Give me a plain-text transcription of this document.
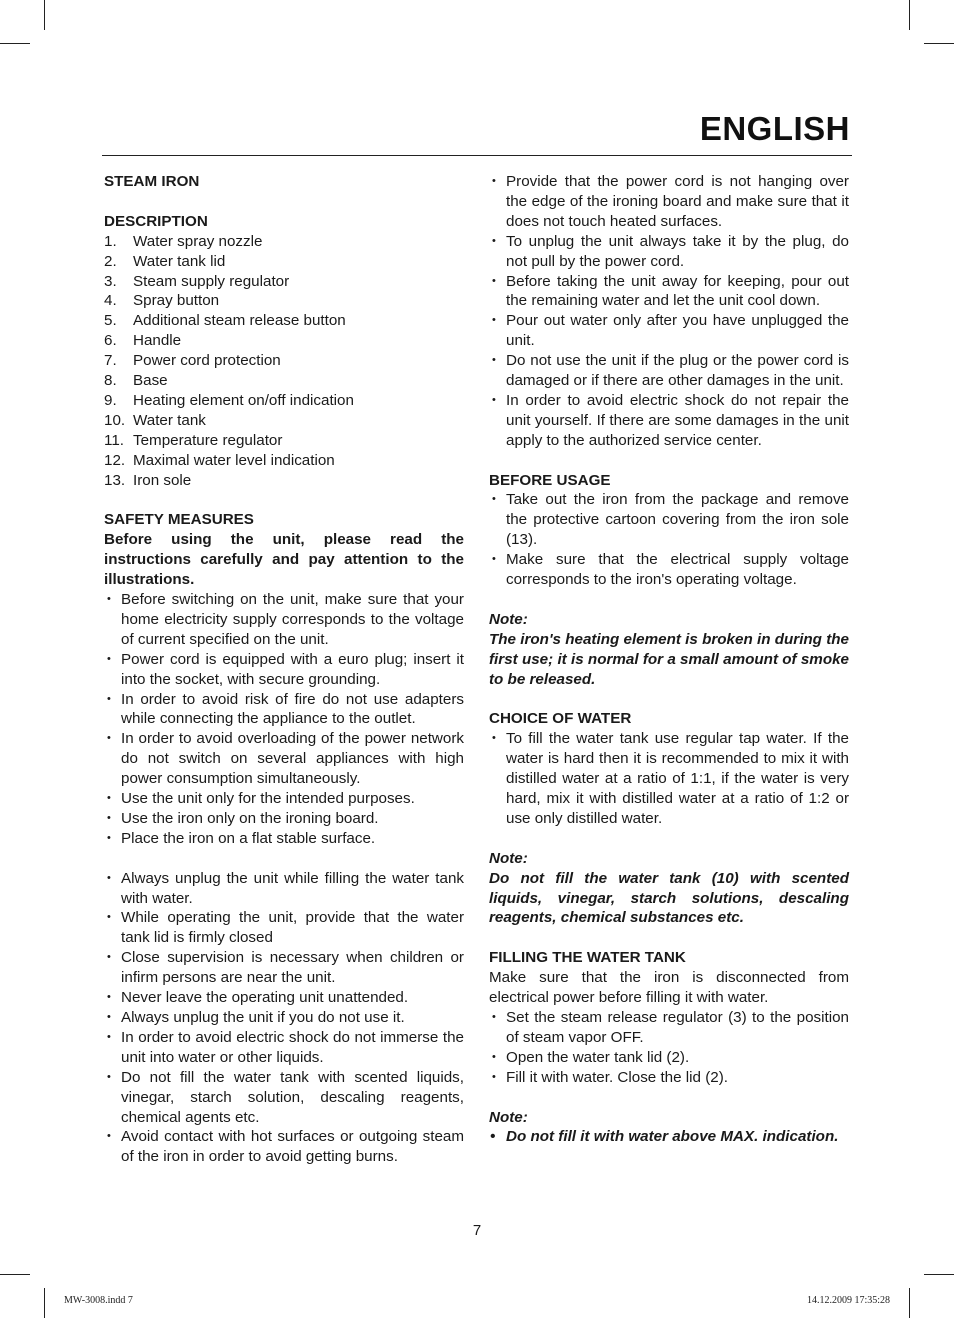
ENGLISH

STEAM IRON

DESCRIPTION

1.	Water spray nozzle
2.	Water tank lid
3.	Steam supply regulator
4.	Spray button
5.	Additional steam release button
6.	Handle
7.	Power cord protection
8.	Base
9.	Heating element on/off indication
10. Water tank
11. Temperature regulator
12. Maximal water level indication
13. Iron sole

SAFETY MEASURES

Before using the unit, please read the instructions carefully and pay attention to the illustrations.
• Before switching on the unit, make sure that your home electricity supply corresponds to the voltage of current specified on the unit.
• Power cord is equipped with a euro plug; insert it into the socket, with secure grounding.
• In order to avoid risk of fire do not use adapters while connecting the appliance to the outlet.
• In order to avoid overloading of the power network do not switch on several appliances with high power consumption simultaneously.
• Use the unit only for the intended purposes.
• Use the iron only on the ironing board.
• Place the iron on a flat stable surface.
• Always unplug the unit while filling the water tank with water.
• While operating the unit, provide that the water tank lid is firmly closed
• Close supervision is necessary when children or infirm persons are near the unit.
• Never leave the operating unit unattended.
• Always unplug the unit if you do not use it.
• In order to avoid electric shock do not immerse the unit into water or other liquids.
• Do not fill the water tank with scented liquids, vinegar, starch solution, descaling reagents, chemical agents etc.
• Avoid contact with hot surfaces or outgoing steam of the iron in order to avoid getting burns.
• Provide that the power cord is not hanging over the edge of the ironing board and make sure that it does not touch heated surfaces.
• To unplug the unit always take it by the plug, do not pull by the power cord.
• Before taking the unit away for keeping, pour out the remaining water and let the unit cool down.
• Pour out water only after you have unplugged the unit.
• Do not use the unit if the plug or the power cord is damaged or if there are other damages in the unit.
• In order to avoid electric shock do not repair the unit yourself. If there are some damages in the unit apply to the authorized service center.

BEFORE USAGE

• Take out the iron from the package and remove the protective cartoon covering from the iron sole (13).
• Make sure that the electrical supply voltage corresponds to the iron's operating voltage.
Note:
The iron's heating element is broken in during the first use; it is normal for a small amount of smoke to be released.

CHOICE OF WATER

• To fill the water tank use regular tap water. If the water is hard then it is recommended to mix it with distilled water at a ratio of 1:1, if the water is very hard, mix it with distilled water at a ratio of 1:2 or use only distilled water.
Note:
Do not fill the water tank (10) with scented liquids, vinegar, starch solutions, descaling reagents, chemical substances etc.

FILLING THE WATER TANK

Make sure that the iron is disconnected from electrical power before filling it with water.
• Set the steam release regulator (3) to the position of steam vapor OFF.
• Open the water tank lid (2).
• Fill it with water. Close the lid (2).
Note:
• Do not fill it with water above MAX. indication.
7
MW-3008.indd 7	14.12.2009 17:35:28
